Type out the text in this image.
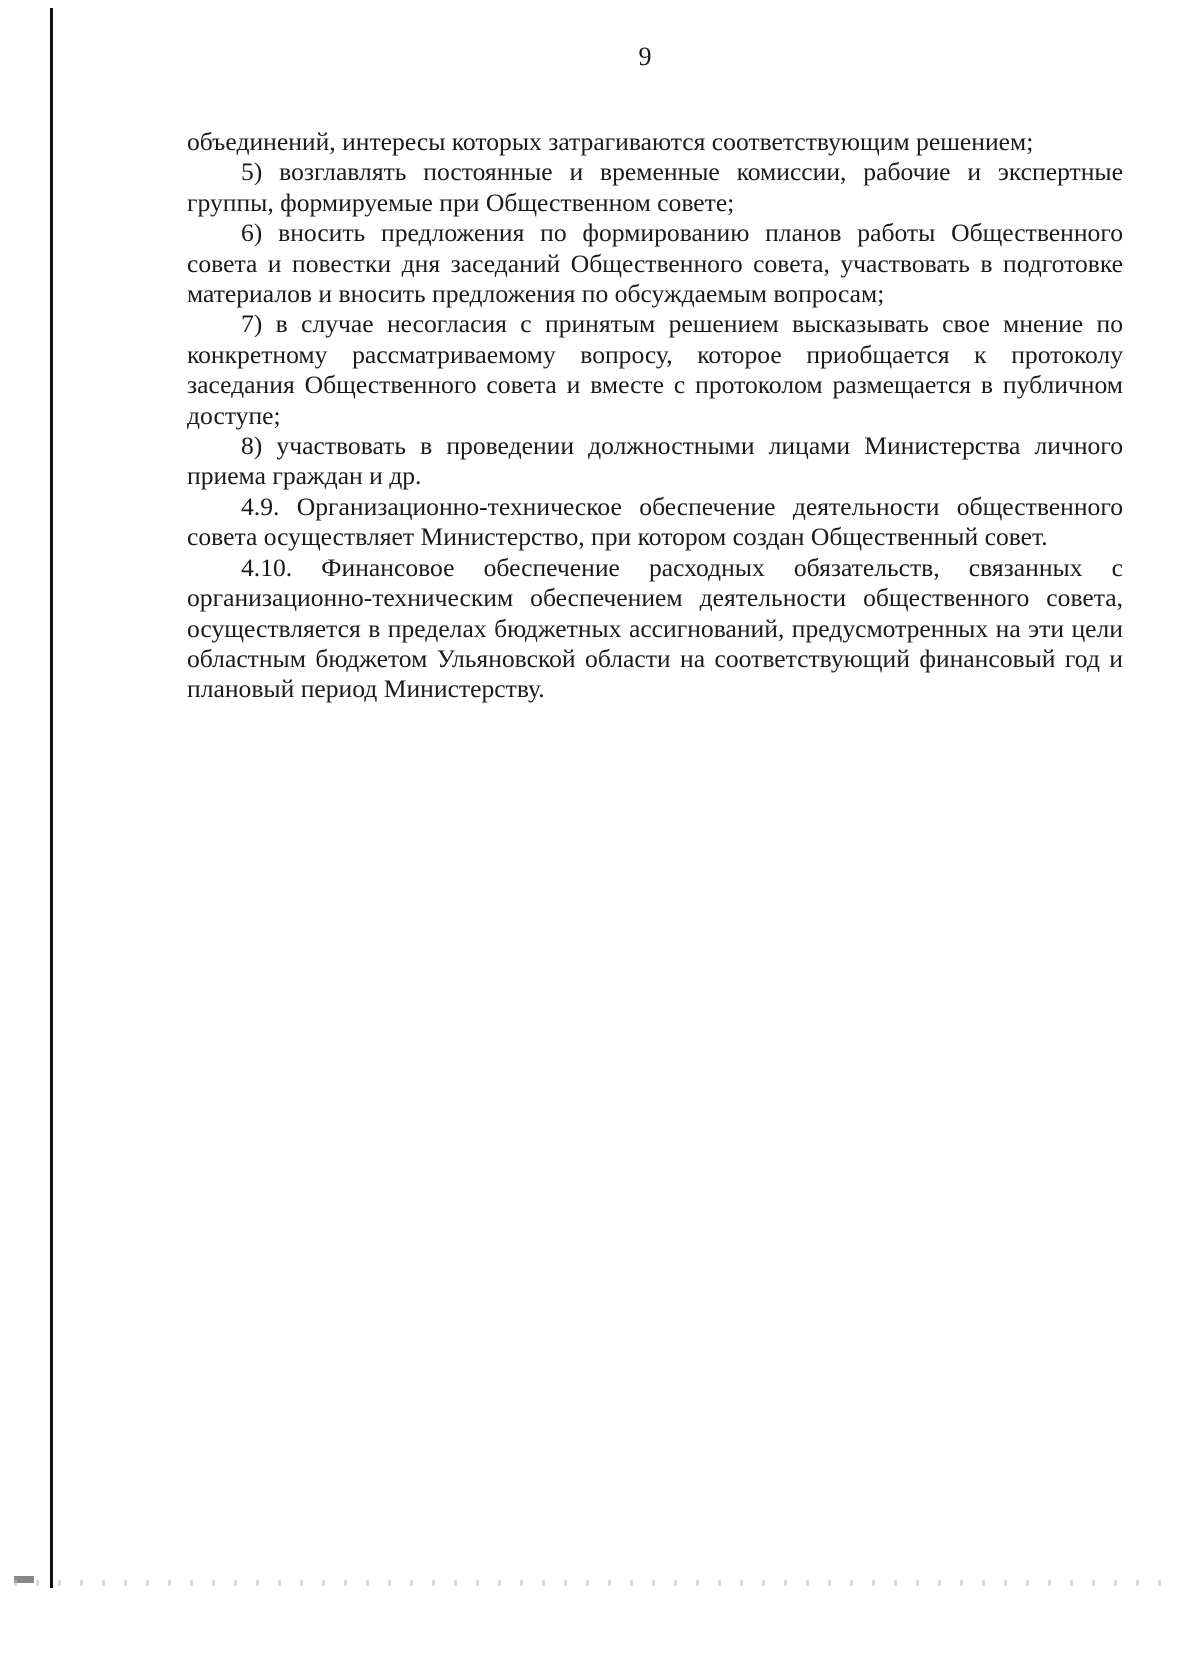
9

объединений, интересы которых затрагиваются соответствующим решением;

5) возглавлять постоянные и временные комиссии, рабочие и экспертные группы, формируемые при Общественном совете;

6) вносить предложения по формированию планов работы Общественного совета и повестки дня заседаний Общественного совета, участвовать в подготовке материалов и вносить предложения по обсуждаемым вопросам;

7) в случае несогласия с принятым решением высказывать свое мнение по конкретному рассматриваемому вопросу, которое приобщается к протоколу заседания Общественного совета и вместе с протоколом размещается в публичном доступе;

8) участвовать в проведении должностными лицами Министерства личного приема граждан и др.

4.9. Организационно-техническое обеспечение деятельности общественного совета осуществляет Министерство, при котором создан Общественный совет.

4.10. Финансовое обеспечение расходных обязательств, связанных с организационно-техническим обеспечением деятельности общественного совета, осуществляется в пределах бюджетных ассигнований, предусмотренных на эти цели областным бюджетом Ульяновской области на соответствующий финансовый год и плановый период Министерству.
